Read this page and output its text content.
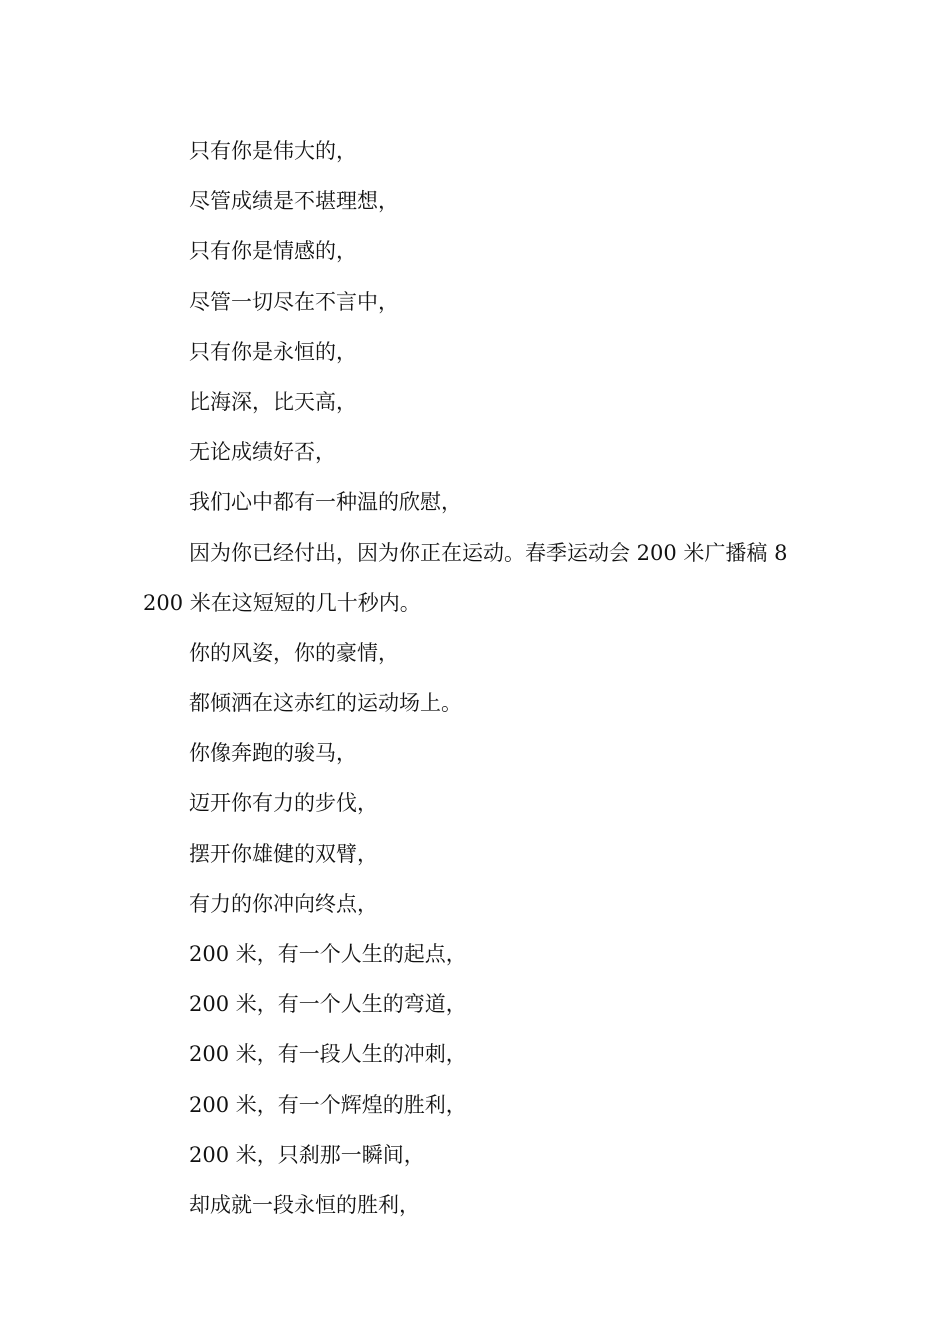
只有你是伟大的，

尽管成绩是不堪理想，

只有你是情感的，

尽管一切尽在不言中，

只有你是永恒的，

比海深，比天高，

无论成绩好否，

我们心中都有一种温的欣慰，

因为你已经付出，因为你正在运动。春季运动会 200 米广播稿 8

200 米在这短短的几十秒内。

你的风姿，你的豪情，

都倾洒在这赤红的运动场上。

你像奔跑的骏马，

迈开你有力的步伐，

摆开你雄健的双臂，

有力的你冲向终点，

200 米，有一个人生的起点，

200 米，有一个人生的弯道，

200 米，有一段人生的冲刺，

200 米，有一个辉煌的胜利，

200 米，只刹那一瞬间，

却成就一段永恒的胜利，
